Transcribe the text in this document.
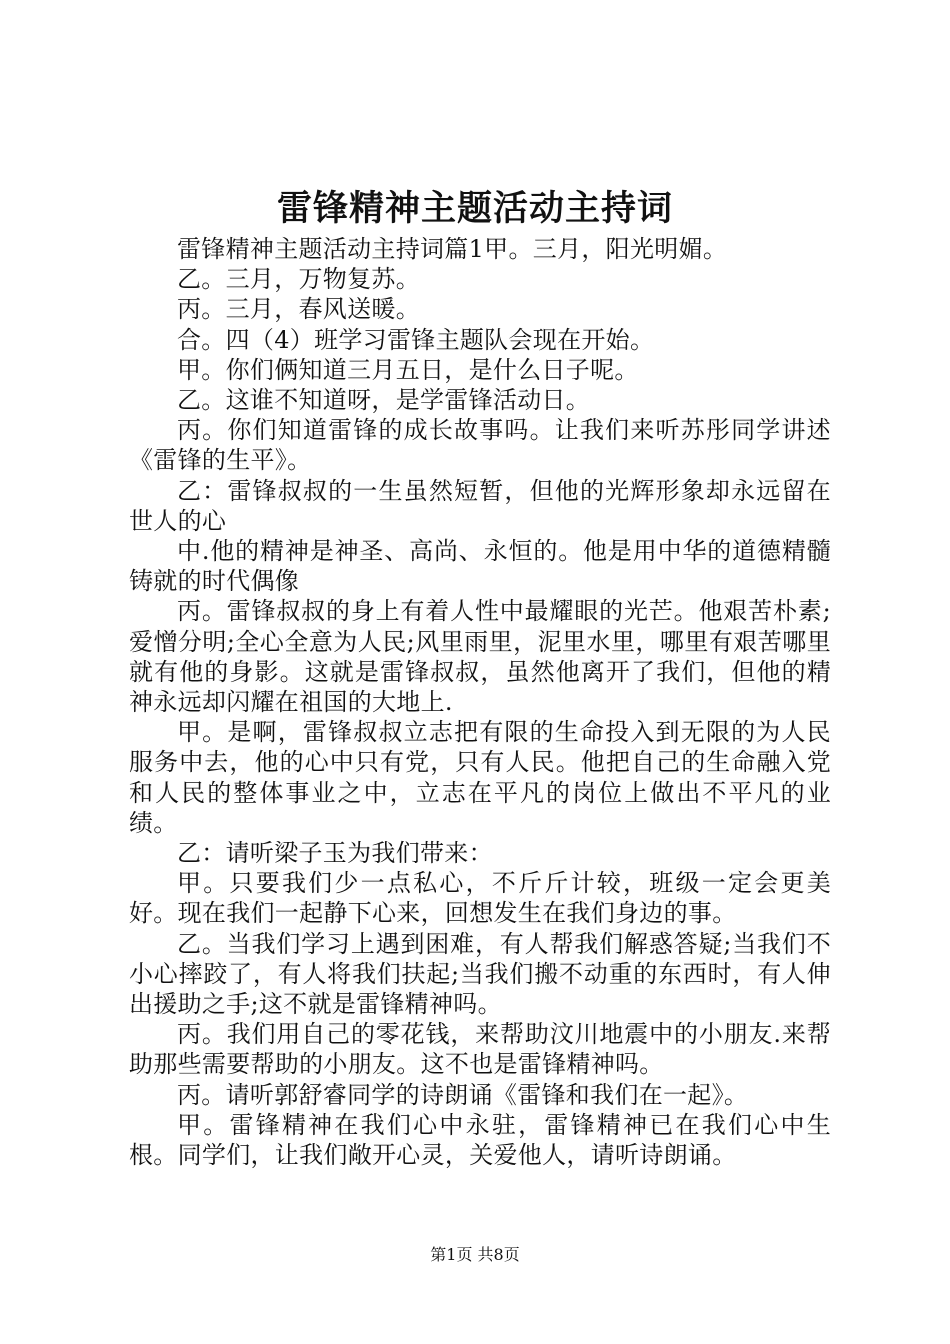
雷锋精神主题活动主持词

雷锋精神主题活动主持词篇1甲。三月，阳光明媚。

乙。三月，万物复苏。

丙。三月，春风送暖。

合。四（4）班学习雷锋主题队会现在开始。

甲。你们俩知道三月五日，是什么日子呢。

乙。这谁不知道呀，是学雷锋活动日。

丙。你们知道雷锋的成长故事吗。让我们来听苏彤同学讲述《雷锋的生平》。

乙：雷锋叔叔的一生虽然短暂，但他的光辉形象却永远留在世人的心

中.他的精神是神圣、高尚、永恒的。他是用中华的道德精髓铸就的时代偶像

丙。雷锋叔叔的身上有着人性中最耀眼的光芒。他艰苦朴素;爱憎分明;全心全意为人民;风里雨里，泥里水里，哪里有艰苦哪里就有他的身影。这就是雷锋叔叔，虽然他离开了我们，但他的精神永远却闪耀在祖国的大地上.

甲。是啊，雷锋叔叔立志把有限的生命投入到无限的为人民服务中去，他的心中只有党，只有人民。他把自己的生命融入党和人民的整体事业之中，立志在平凡的岗位上做出不平凡的业绩。

乙：请听梁子玉为我们带来：

甲。只要我们少一点私心，不斤斤计较，班级一定会更美好。现在我们一起静下心来，回想发生在我们身边的事。

乙。当我们学习上遇到困难，有人帮我们解惑答疑;当我们不小心摔跤了，有人将我们扶起;当我们搬不动重的东西时，有人伸出援助之手;这不就是雷锋精神吗。

丙。我们用自己的零花钱，来帮助汶川地震中的小朋友.来帮助那些需要帮助的小朋友。这不也是雷锋精神吗。

丙。请听郭舒睿同学的诗朗诵《雷锋和我们在一起》。

甲。雷锋精神在我们心中永驻，雷锋精神已在我们心中生根。同学们，让我们敞开心灵，关爱他人，请听诗朗诵。

第1页 共8页
